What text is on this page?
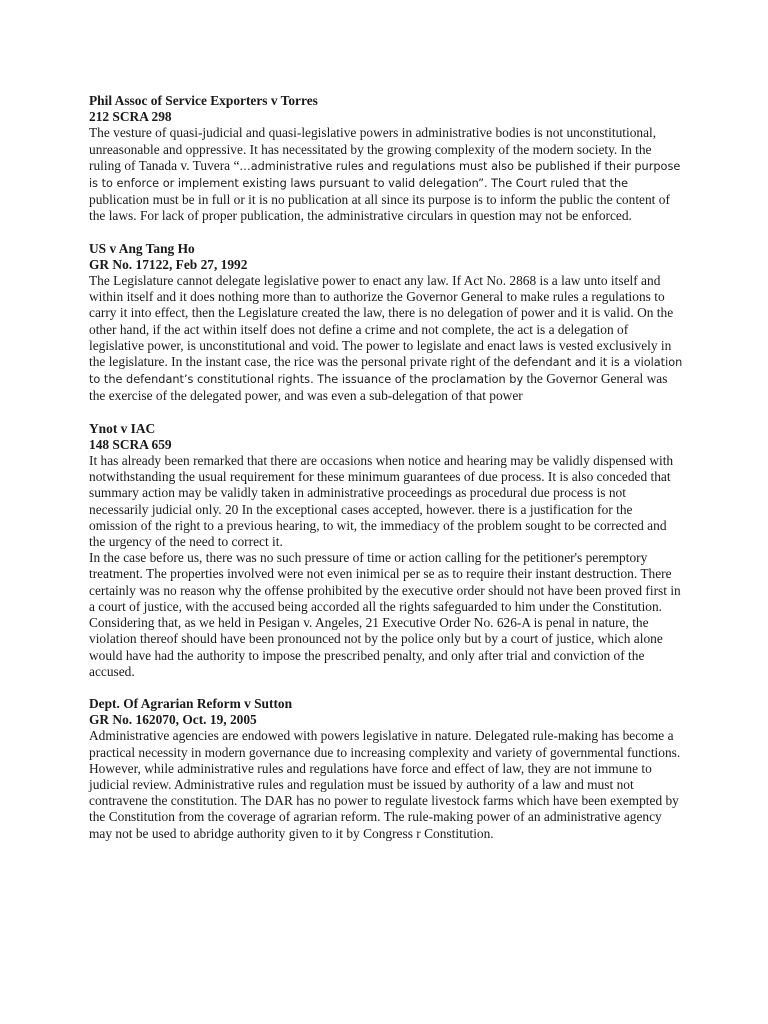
Phil Assoc of Service Exporters v Torres
212 SCRA 298

The vesture of quasi-judicial and quasi-legislative powers in administrative bodies is not unconstitutional, unreasonable and oppressive. It has necessitated by the growing complexity of the modern society. In the ruling of Tanada v. Tuvera “…administrative rules and regulations must also be published if their purpose is to enforce or implement existing laws pursuant to valid delegation”. The Court ruled that the publication must be in full or it is no publication at all since its purpose is to inform the public the content of the laws. For lack of proper publication, the administrative circulars in question may not be enforced.

US v Ang Tang Ho
GR No. 17122, Feb 27, 1992

The Legislature cannot delegate legislative power to enact any law. If Act No. 2868 is a law unto itself and within itself and it does nothing more than to authorize the Governor General to make rules a regulations to carry it into effect, then the Legislature created the law, there is no delegation of power and it is valid. On the other hand, if the act within itself does not define a crime and not complete, the act is a delegation of legislative power, is unconstitutional and void. The power to legislate and enact laws is vested exclusively in the legislature. In the instant case, the rice was the personal private right of the defendant and it is a violation to the defendant’s constitutional rights. The issuance of the proclamation by the Governor General was the exercise of the delegated power, and was even a sub-delegation of that power

Ynot v IAC
148 SCRA 659

It has already been remarked that there are occasions when notice and hearing may be validly dispensed with notwithstanding the usual requirement for these minimum guarantees of due process. It is also conceded that summary action may be validly taken in administrative proceedings as procedural due process is not necessarily judicial only. 20 In the exceptional cases accepted, however. there is a justification for the omission of the right to a previous hearing, to wit, the immediacy of the problem sought to be corrected and the urgency of the need to correct it.

In the case before us, there was no such pressure of time or action calling for the petitioner's peremptory treatment. The properties involved were not even inimical per se as to require their instant destruction. There certainly was no reason why the offense prohibited by the executive order should not have been proved first in a court of justice, with the accused being accorded all the rights safeguarded to him under the Constitution. Considering that, as we held in Pesigan v. Angeles, 21 Executive Order No. 626-A is penal in nature, the violation thereof should have been pronounced not by the police only but by a court of justice, which alone would have had the authority to impose the prescribed penalty, and only after trial and conviction of the accused.

Dept. Of Agrarian Reform v Sutton
GR No. 162070, Oct. 19, 2005

Administrative agencies are endowed with powers legislative in nature. Delegated rule-making has become a practical necessity in modern governance due to increasing complexity and variety of governmental functions. However, while administrative rules and regulations have force and effect of law, they are not immune to judicial review. Administrative rules and regulation must be issued by authority of a law and must not contravene the constitution. The DAR has no power to regulate livestock farms which have been exempted by the Constitution from the coverage of agrarian reform. The rule-making power of an administrative agency may not be used to abridge authority given to it by Congress r Constitution.
